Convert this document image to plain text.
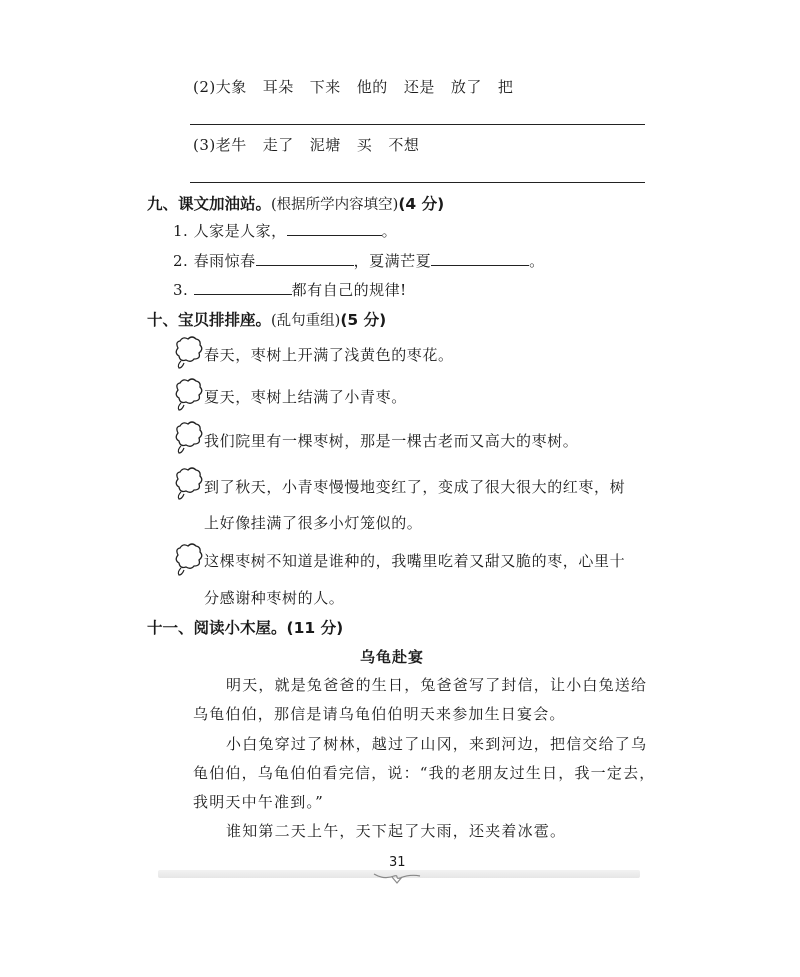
(2)大象 耳朵 下来 他的 还是 放了 把
(3)老牛 走了 泥塘 买 不想
九、课文加油站。(根据所学内容填空)(4 分)
1. 人家是人家，	。
2. 春雨惊春	，夏满芒夏	。
3.	都有自己的规律!
十、宝贝排排座。(乱句重组)(5 分)
春天，枣树上开满了浅黄色的枣花。
夏天，枣树上结满了小青枣。
我们院里有一棵枣树，那是一棵古老而又高大的枣树。
到了秋天，小青枣慢慢地变红了，变成了很大很大的红枣，树
上好像挂满了很多小灯笼似的。
这棵枣树不知道是谁种的，我嘴里吃着又甜又脆的枣，心里十
分感谢种枣树的人。
十一、阅读小木屋。(11 分)
乌龟赴宴
明天，就是兔爸爸的生日，兔爸爸写了封信，让小白兔送给
乌龟伯伯，那信是请乌龟伯伯明天来参加生日宴会。
小白兔穿过了树林，越过了山冈，来到河边，把信交给了乌
龟伯伯，乌龟伯伯看完信，说：“我的老朋友过生日，我一定去，
我明天中午准到。”
谁知第二天上午，天下起了大雨，还夹着冰雹。
31
